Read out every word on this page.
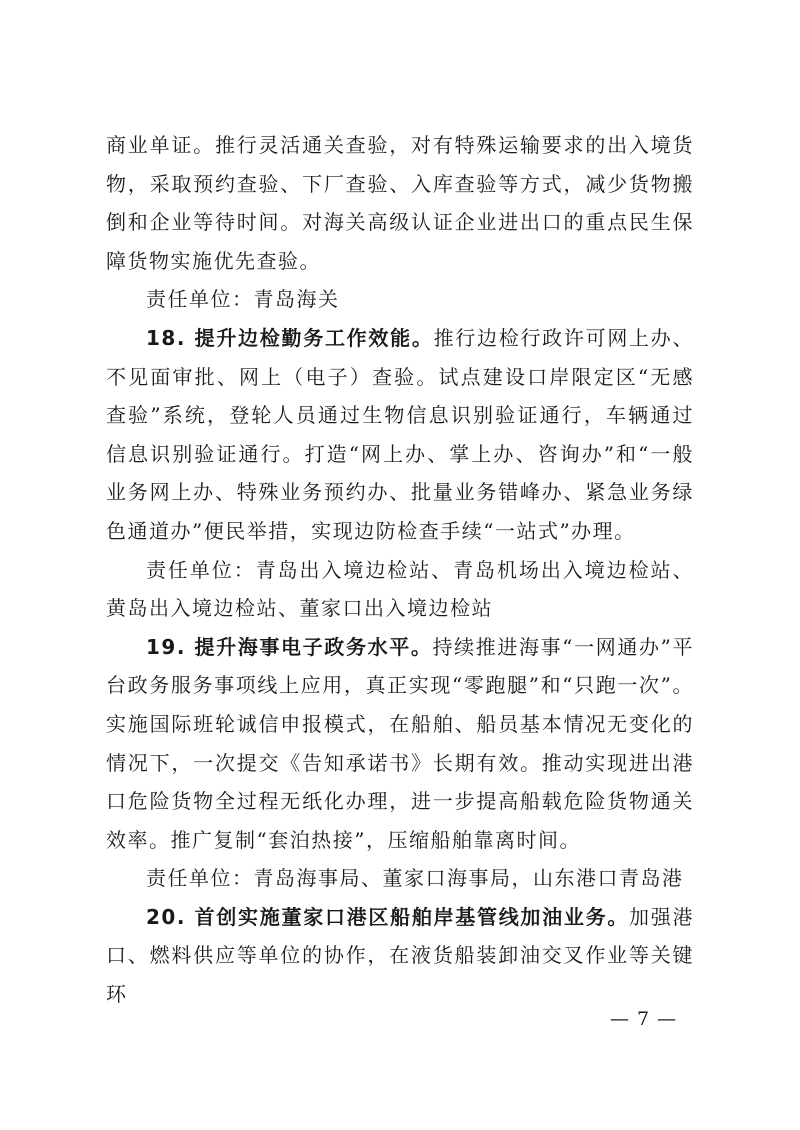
商业单证。推行灵活通关查验，对有特殊运输要求的出入境货物，采取预约查验、下厂查验、入库查验等方式，减少货物搬倒和企业等待时间。对海关高级认证企业进出口的重点民生保障货物实施优先查验。

责任单位：青岛海关

18. 提升边检勤务工作效能。推行边检行政许可网上办、不见面审批、网上（电子）查验。试点建设口岸限定区“无感查验”系统，登轮人员通过生物信息识别验证通行，车辆通过信息识别验证通行。打造“网上办、掌上办、咨询办”和“一般业务网上办、特殊业务预约办、批量业务错峰办、紧急业务绿色通道办”便民举措，实现边防检查手续“一站式”办理。

责任单位：青岛出入境边检站、青岛机场出入境边检站、黄岛出入境边检站、董家口出入境边检站

19. 提升海事电子政务水平。持续推进海事“一网通办”平台政务服务事项线上应用，真正实现“零跑腿”和“只跑一次”。实施国际班轮诚信申报模式，在船舶、船员基本情况无变化的情况下，一次提交《告知承诺书》长期有效。推动实现进出港口危险货物全过程无纸化办理，进一步提高船载危险货物通关效率。推广复制“套泊热接”，压缩船舶靠离时间。

责任单位：青岛海事局、董家口海事局，山东港口青岛港

20. 首创实施董家口港区船舶岸基管线加油业务。加强港口、燃料供应等单位的协作，在液货船装卸油交叉作业等关键环

— 7 —
